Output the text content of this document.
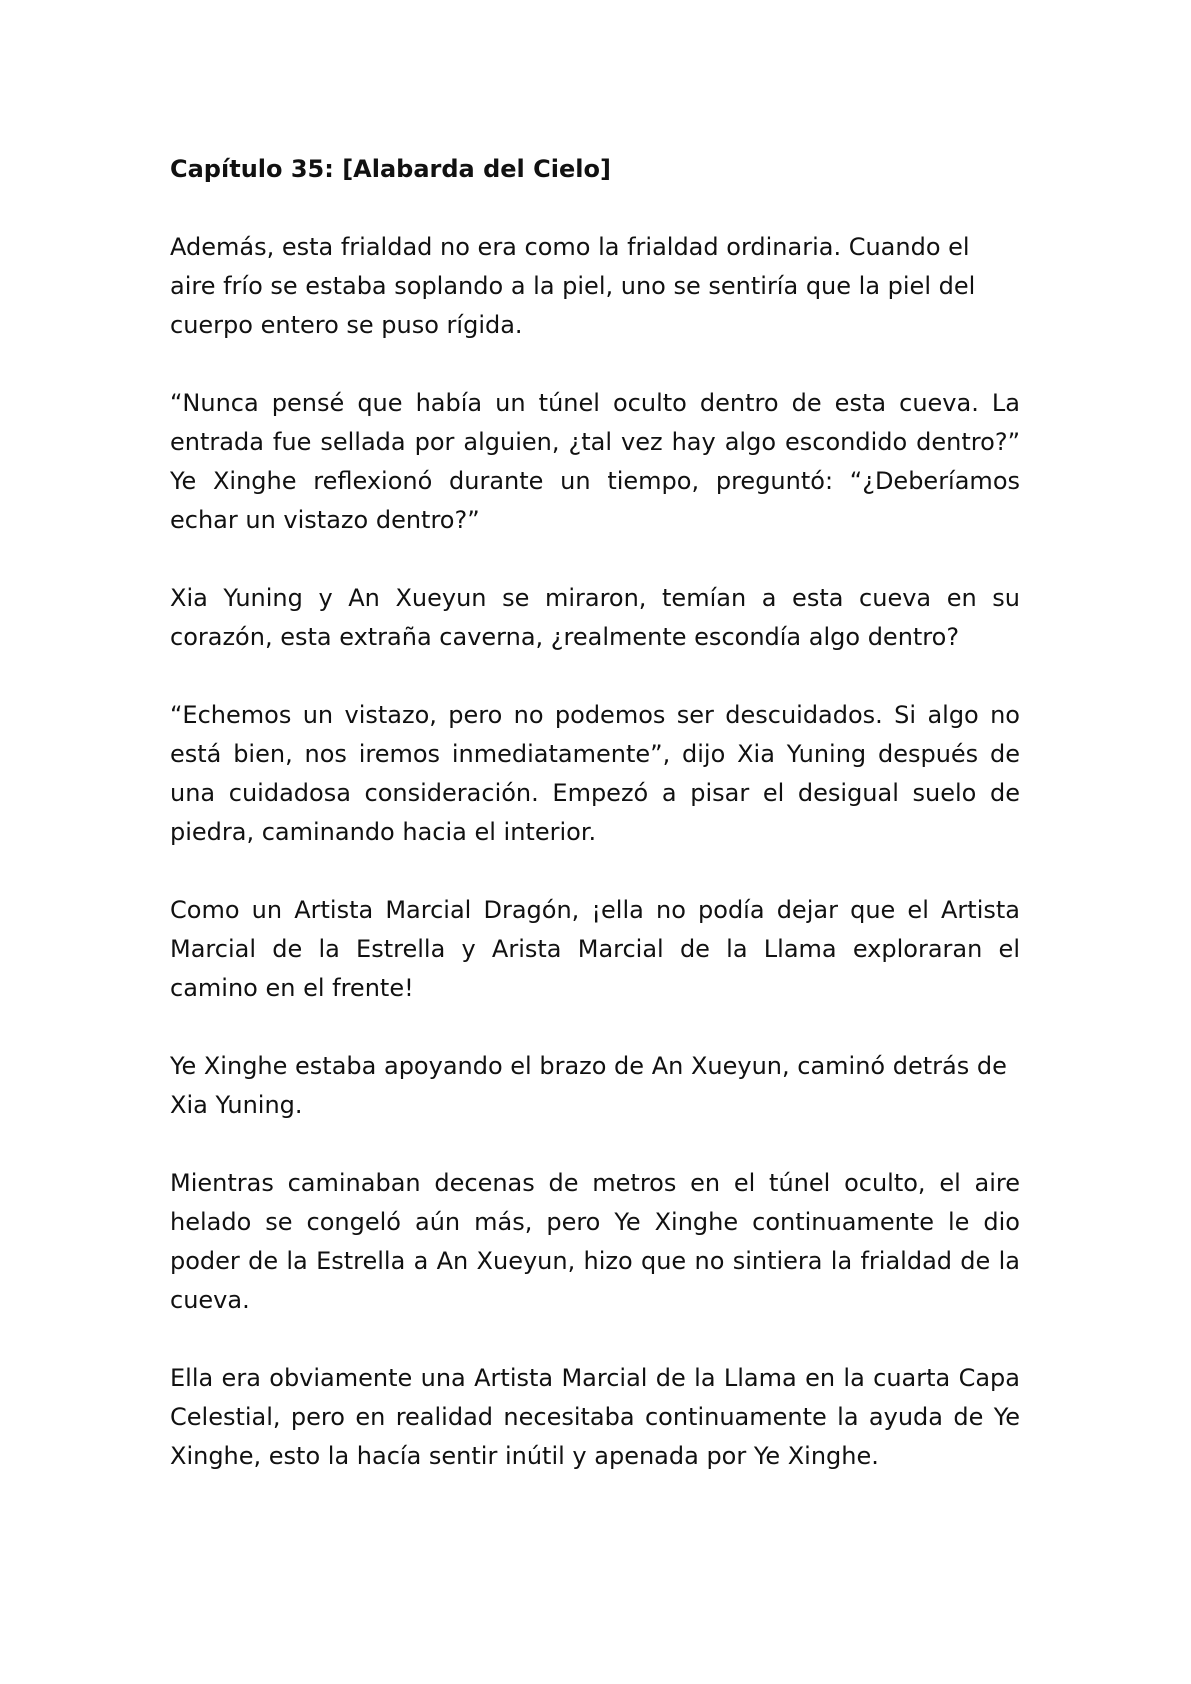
Capítulo 35: [Alabarda del Cielo]

Además, esta frialdad no era como la frialdad ordinaria. Cuando el aire frío se estaba soplando a la piel, uno se sentiría que la piel del cuerpo entero se puso rígida.

“Nunca pensé que había un túnel oculto dentro de esta cueva. La entrada fue sellada por alguien, ¿tal vez hay algo escondido dentro?” Ye Xinghe reflexionó durante un tiempo, preguntó: “¿Deberíamos echar un vistazo dentro?”

Xia Yuning y An Xueyun se miraron, temían a esta cueva en su corazón, esta extraña caverna, ¿realmente escondía algo dentro?

“Echemos un vistazo, pero no podemos ser descuidados. Si algo no está bien, nos iremos inmediatamente”, dijo Xia Yuning después de una cuidadosa consideración. Empezó a pisar el desigual suelo de piedra, caminando hacia el interior.

Como un Artista Marcial Dragón, ¡ella no podía dejar que el Artista Marcial de la Estrella y Arista Marcial de la Llama exploraran el camino en el frente!

Ye Xinghe estaba apoyando el brazo de An Xueyun, caminó detrás de Xia Yuning.

Mientras caminaban decenas de metros en el túnel oculto, el aire helado se congeló aún más, pero Ye Xinghe continuamente le dio poder de la Estrella a An Xueyun, hizo que no sintiera la frialdad de la cueva.

Ella era obviamente una Artista Marcial de la Llama en la cuarta Capa Celestial, pero en realidad necesitaba continuamente la ayuda de Ye Xinghe, esto la hacía sentir inútil y apenada por Ye Xinghe.
